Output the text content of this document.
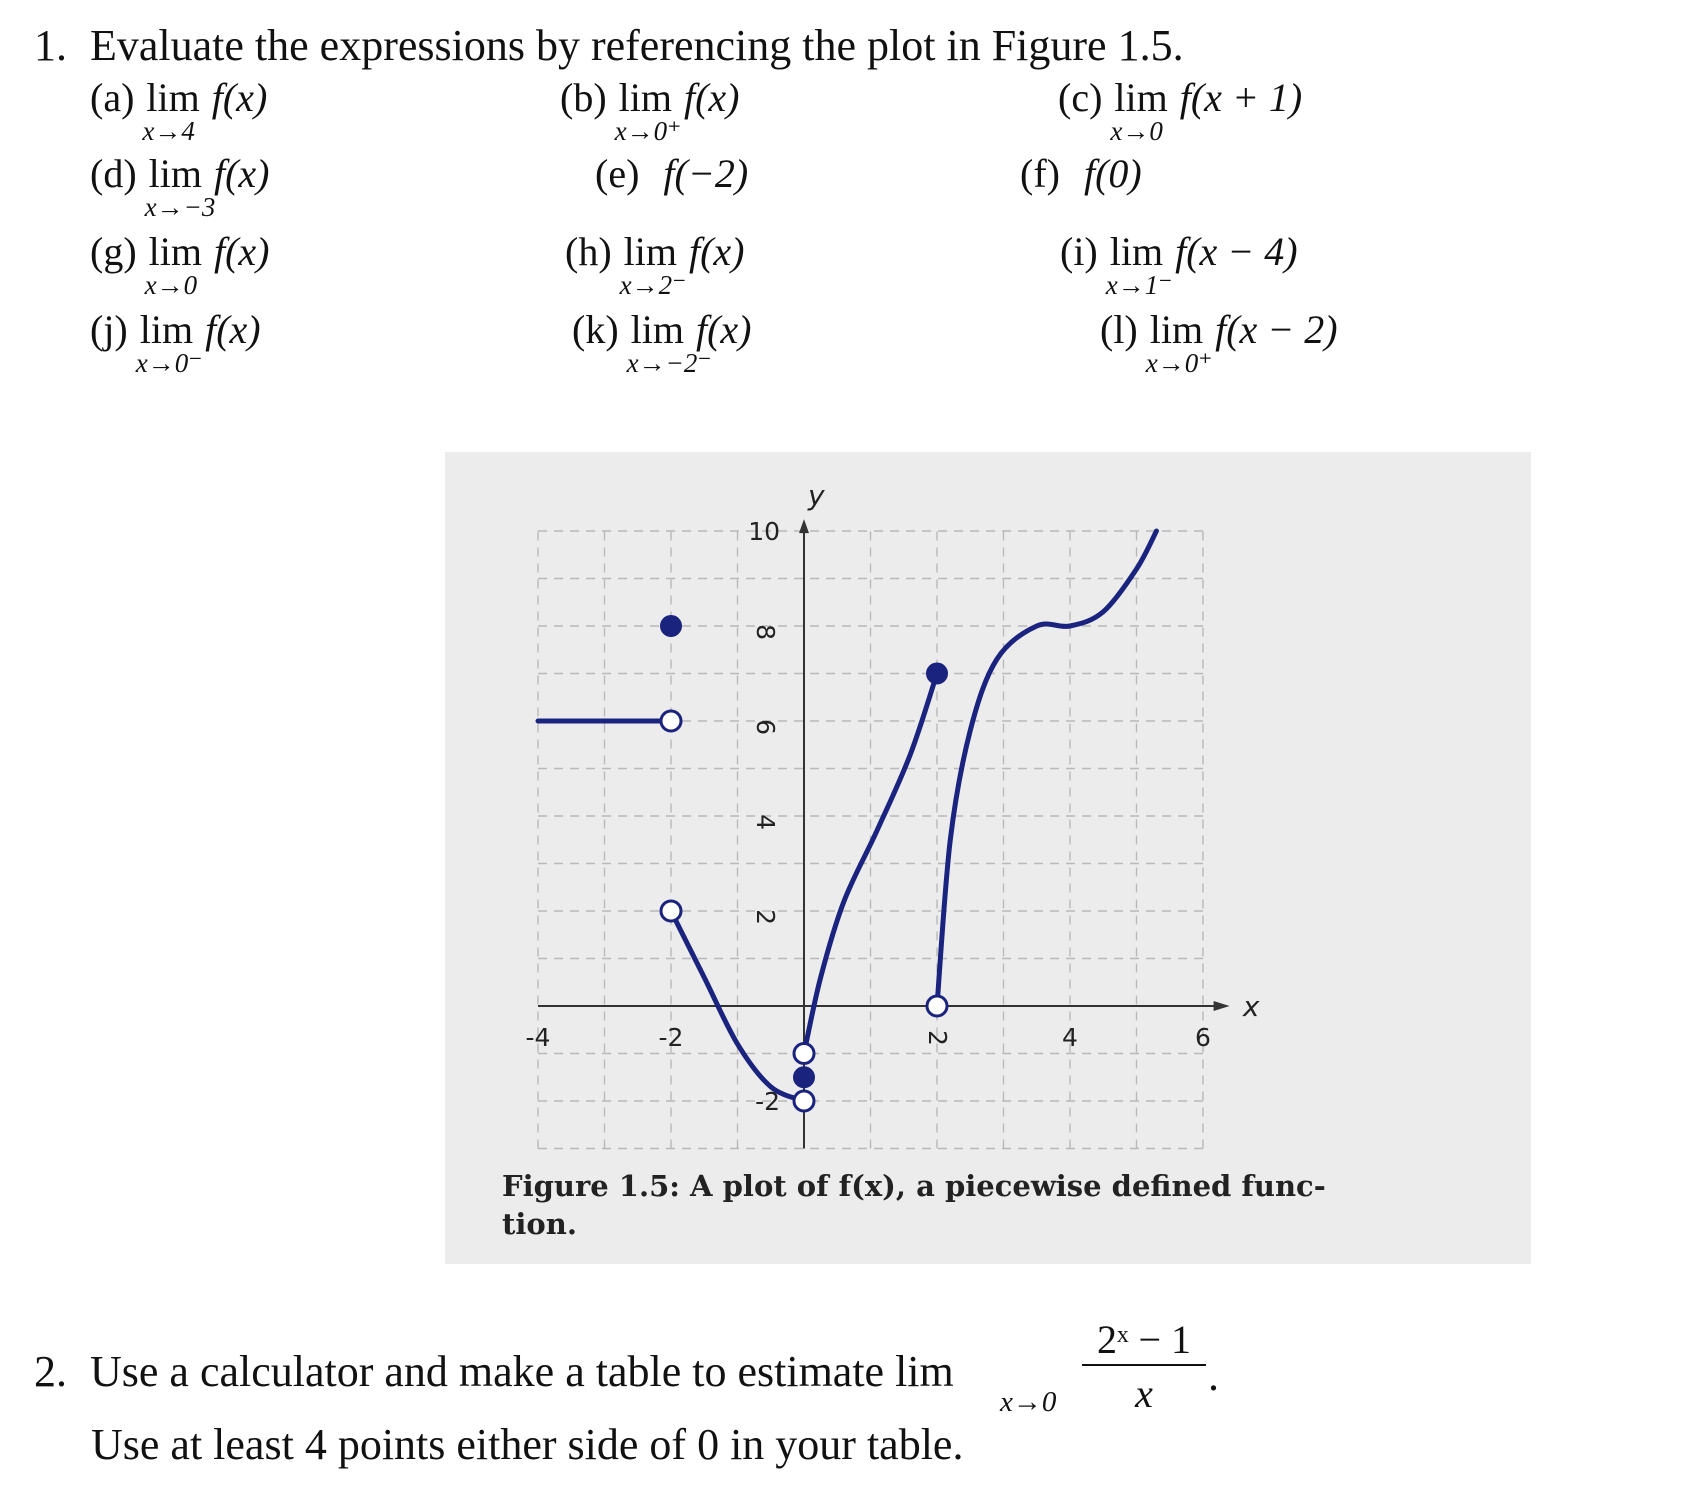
1. Evaluate the expressions by referencing the plot in Figure 1.5.
(a) lim
x→4
f(x)	(b) lim
x→0⁺
f(x)	(c) lim
x→0
f(x + 1)
(d) lim
x→−3
f(x)	(e) f(−2)	(f) f(0)
(g) lim
x→0
f(x)	(h) lim
x→2⁻
f(x)	(i) lim
x→1⁻
f(x − 4)
(j) lim
x→0⁻
f(x)	(k) lim
x→−2⁻
f(x)	(l) lim
x→0⁺
f(x − 2)
-4	-2	2	4	6
10
8
6
4
2
-2
x
y
Figure 1.5: A plot of f(x), a piecewise defined func-
tion.
2. Use a calculator and make a table to estimate lim
x→0
2ˣ − 1
x	.
Use at least 4 points either side of 0 in your table.
